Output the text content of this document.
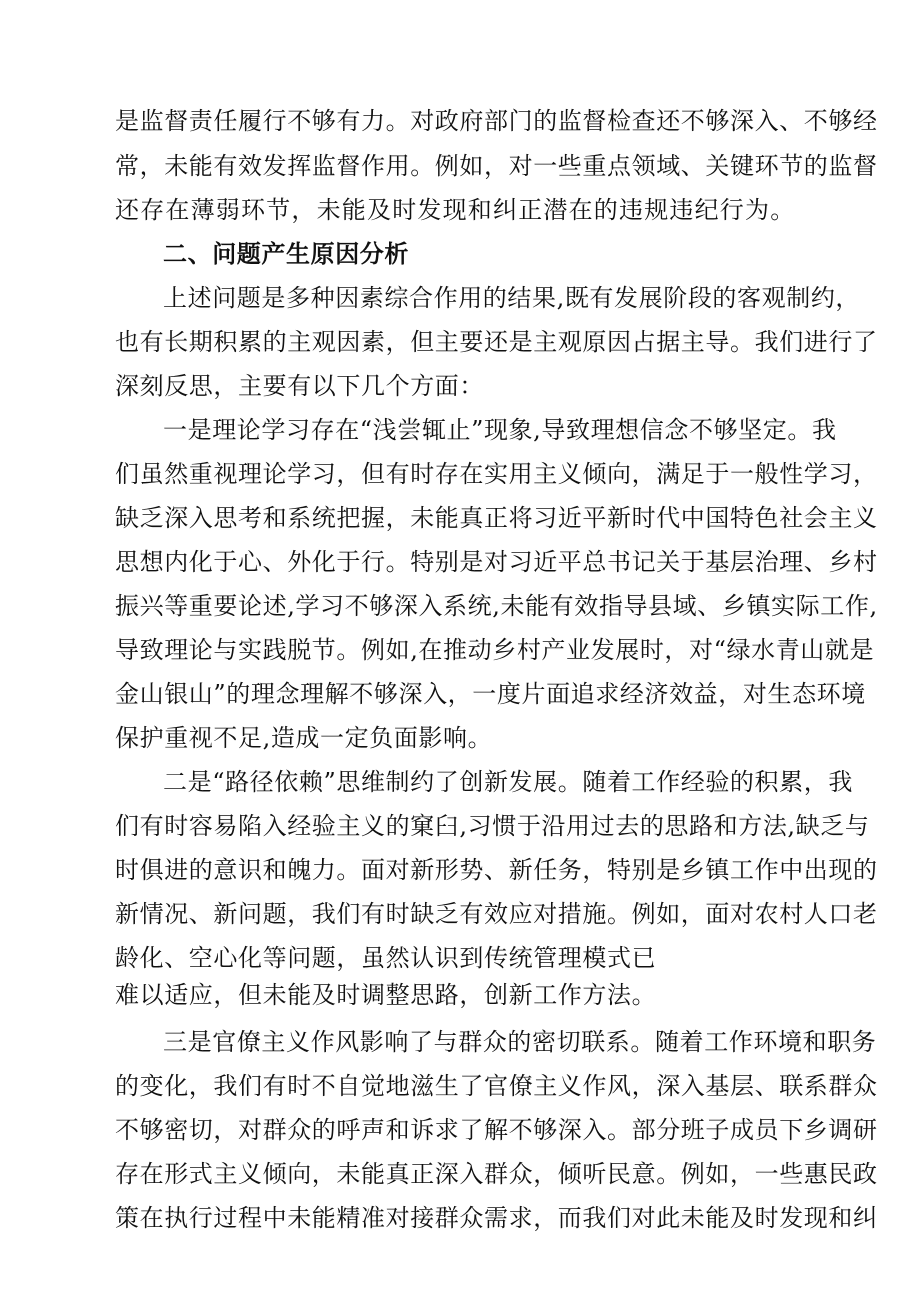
是监督责任履行不够有力。对政府部门的监督检查还不够深入、不够经
常，未能有效发挥监督作用。例如，对一些重点领域、关键环节的监督
还存在薄弱环节，未能及时发现和纠正潜在的违规违纪行为。
二、问题产生原因分析
上述问题是多种因素综合作用的结果,既有发展阶段的客观制约，
也有长期积累的主观因素，但主要还是主观原因占据主导。我们进行了
深刻反思，主要有以下几个方面：
一是理论学习存在“浅尝辄止”现象,导致理想信念不够坚定。我
们虽然重视理论学习，但有时存在实用主义倾向，满足于一般性学习，
缺乏深入思考和系统把握，未能真正将习近平新时代中国特色社会主义
思想内化于心、外化于行。特别是对习近平总书记关于基层治理、乡村
振兴等重要论述,学习不够深入系统,未能有效指导县域、乡镇实际工作,
导致理论与实践脱节。例如,在推动乡村产业发展时，对“绿水青山就是
金山银山”的理念理解不够深入，一度片面追求经济效益，对生态环境
保护重视不足,造成一定负面影响。
二是“路径依赖”思维制约了创新发展。随着工作经验的积累，我
们有时容易陷入经验主义的窠臼,习惯于沿用过去的思路和方法,缺乏与
时俱进的意识和魄力。面对新形势、新任务，特别是乡镇工作中出现的
新情况、新问题，我们有时缺乏有效应对措施。例如，面对农村人口老
龄化、空心化等问题，虽然认识到传统管理模式已
难以适应，但未能及时调整思路，创新工作方法。
三是官僚主义作风影响了与群众的密切联系。随着工作环境和职务
的变化，我们有时不自觉地滋生了官僚主义作风，深入基层、联系群众
不够密切，对群众的呼声和诉求了解不够深入。部分班子成员下乡调研
存在形式主义倾向，未能真正深入群众，倾听民意。例如，一些惠民政
策在执行过程中未能精准对接群众需求，而我们对此未能及时发现和纠
